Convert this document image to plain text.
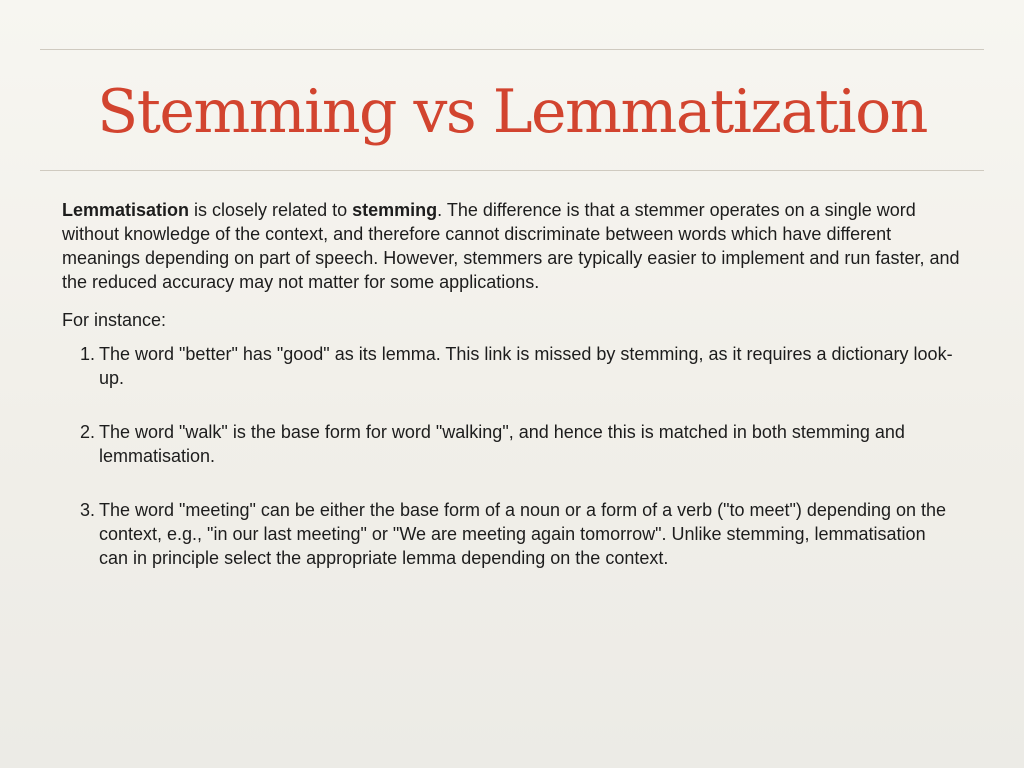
Stemming vs Lemmatization

Lemmatisation is closely related to stemming. The difference is that a stemmer operates on a single word without knowledge of the context, and therefore cannot discriminate between words which have different meanings depending on part of speech. However, stemmers are typically easier to implement and run faster, and the reduced accuracy may not matter for some applications.

For instance:

1. The word "better" has "good" as its lemma. This link is missed by stemming, as it requires a dictionary look-up.
2. The word "walk" is the base form for word "walking", and hence this is matched in both stemming and lemmatisation.
3. The word "meeting" can be either the base form of a noun or a form of a verb ("to meet") depending on the context, e.g., "in our last meeting" or "We are meeting again tomorrow". Unlike stemming, lemmatisation can in principle select the appropriate lemma depending on the context.
